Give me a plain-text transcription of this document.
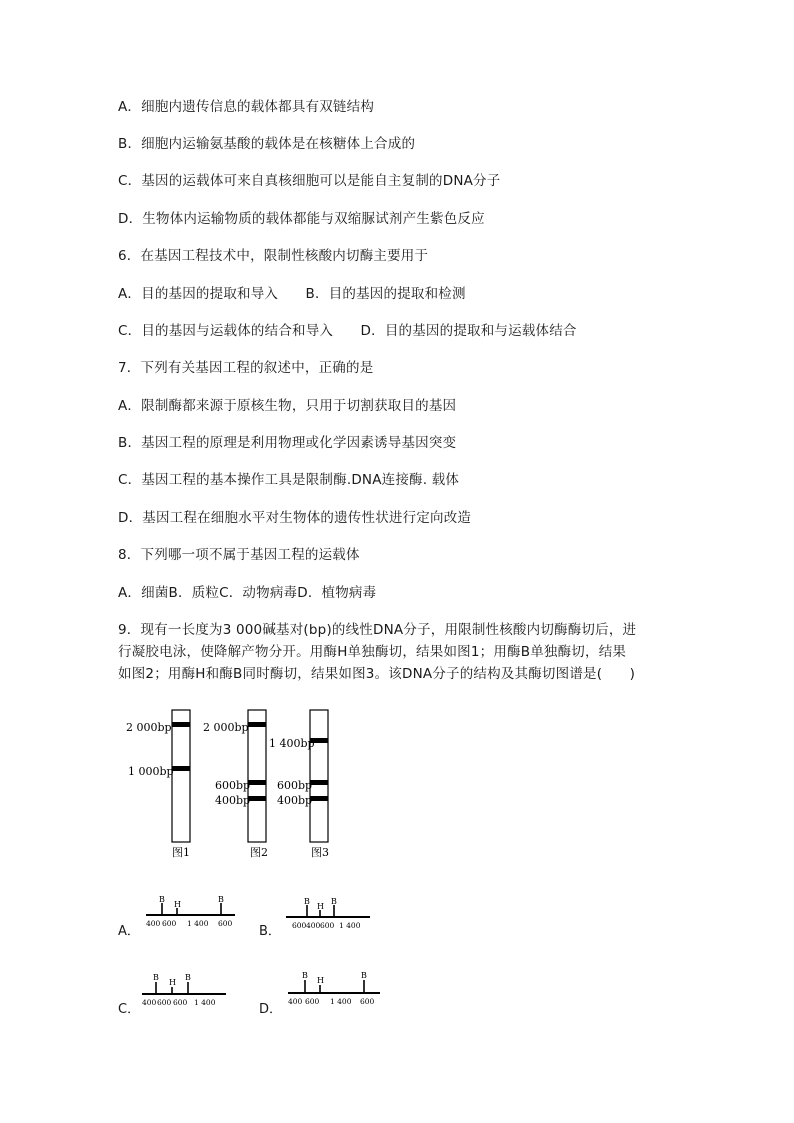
A．细胞内遗传信息的载体都具有双链结构
B．细胞内运输氨基酸的载体是在核糖体上合成的
C．基因的运载体可来自真核细胞可以是能自主复制的DNA分子
D．生物体内运输物质的载体都能与双缩脲试剂产生紫色反应
6．在基因工程技术中，限制性核酸内切酶主要用于
A．目的基因的提取和导入　　B．目的基因的提取和检测
C．目的基因与运载体的结合和导入　　D．目的基因的提取和与运载体结合
7．下列有关基因工程的叙述中，正确的是
A．限制酶都来源于原核生物，只用于切割获取目的基因
B．基因工程的原理是利用物理或化学因素诱导基因突变
C．基因工程的基本操作工具是限制酶.DNA连接酶. 载体
D．基因工程在细胞水平对生物体的遗传性状进行定向改造
8．下列哪一项不属于基因工程的运载体
A．细菌B．质粒C．动物病毒D．植物病毒
9．现有一长度为3 000碱基对(bp)的线性DNA分子，用限制性核酸内切酶酶切后，进
行凝胶电泳，使降解产物分开。用酶H单独酶切，结果如图1；用酶B单独酶切，结果
如图2；用酶H和酶B同时酶切，结果如图3。该DNA分子的结构及其酶切图谱是(　　)
2 000bp
1 000bp
图1
2 000bp
600bp
400bp
图2
1 400bp
600bp
400bp
图3
A．
B
H
B
400 600 1 400 600
B．
B
H
B
600 400 600 1 400
C．
B
H
B
400 600 600 1 400	D．
B
H
B
400 600 1 400 600
